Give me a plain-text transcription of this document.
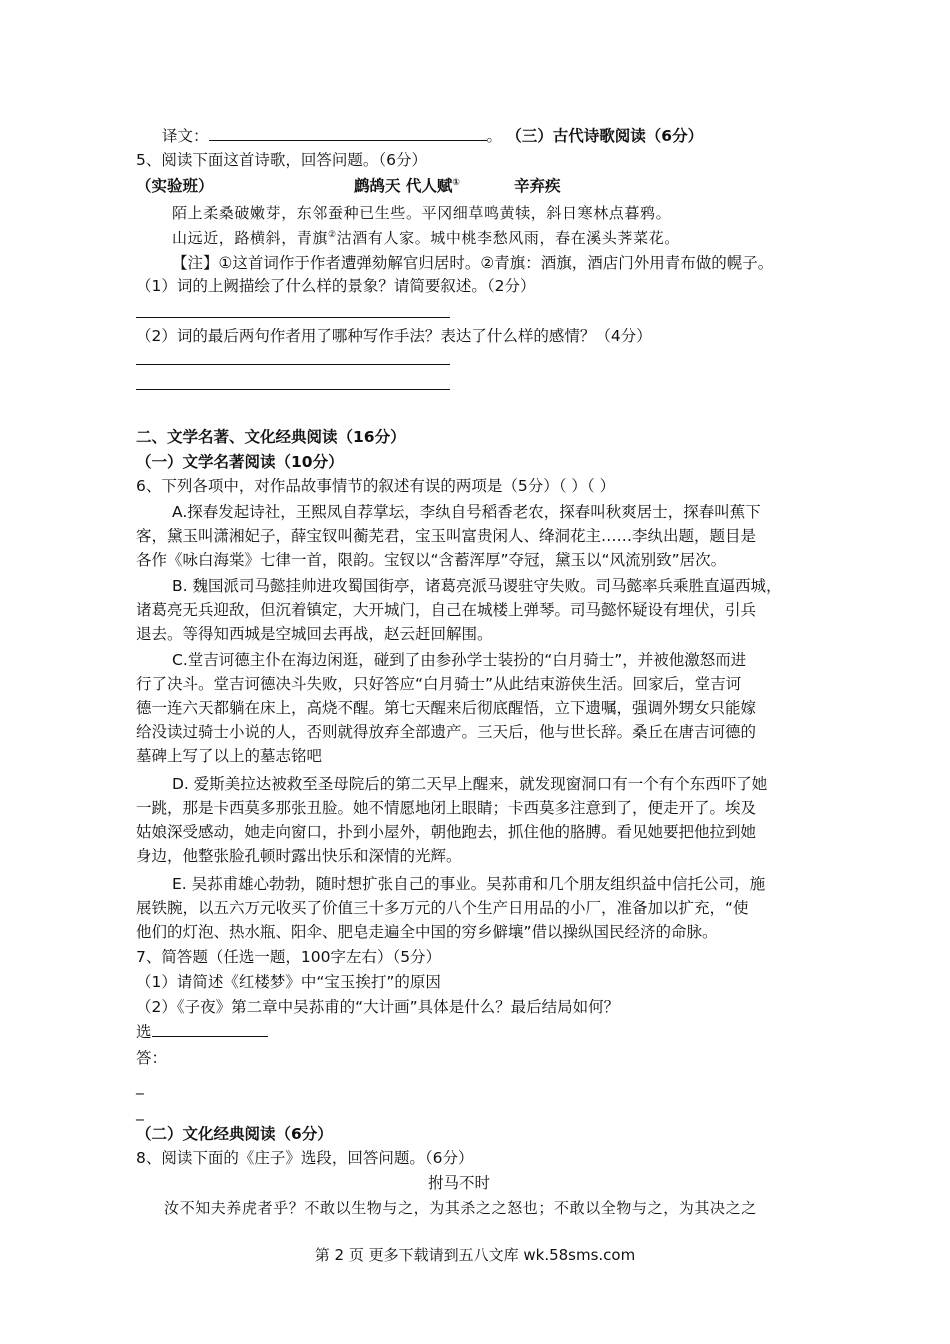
译文：	。 （三）古代诗歌阅读（6分）
5、阅读下面这首诗歌，回答问题。（6分）
（实验班）	鹧鸪天 代人赋①	辛弃疾
陌上柔桑破嫩芽，东邻蚕种已生些。平冈细草鸣黄犊，斜日寒林点暮鸦。
山远近，路横斜，青旗②沽酒有人家。城中桃李愁风雨，春在溪头荠菜花。
【注】①这首词作于作者遭弹劾解官归居时。②青旗：酒旗，酒店门外用青布做的幌子。
（1）词的上阙描绘了什么样的景象？请简要叙述。（2分）
（2）词的最后两句作者用了哪种写作手法？表达了什么样的感情？（4分）
二、文学名著、文化经典阅读（16分）
（一）文学名著阅读（10分）
6、下列各项中，对作品故事情节的叙述有误的两项是（5分）（ ）（ ）
A.探春发起诗社，王熙凤自荐掌坛，李纨自号稻香老农，探春叫秋爽居士，探春叫蕉下
客，黛玉叫潇湘妃子，薛宝钗叫蘅芜君，宝玉叫富贵闲人、绛洞花主……李纨出题，题目是
各作《咏白海棠》七律一首，限韵。宝钗以“含蓄浑厚”夺冠，黛玉以“风流别致”居次。
B. 魏国派司马懿挂帅进攻蜀国街亭，诸葛亮派马谡驻守失败。司马懿率兵乘胜直逼西城，
诸葛亮无兵迎敌，但沉着镇定，大开城门，自己在城楼上弹琴。司马懿怀疑设有埋伏，引兵
退去。等得知西城是空城回去再战，赵云赶回解围。
C.堂吉诃德主仆在海边闲逛，碰到了由参孙学士装扮的“白月骑士”，并被他激怒而进
行了决斗。堂吉诃德决斗失败，只好答应“白月骑士”从此结束游侠生活。回家后，堂吉诃
德一连六天都躺在床上，高烧不醒。第七天醒来后彻底醒悟，立下遗嘱，强调外甥女只能嫁
给没读过骑士小说的人，否则就得放弃全部遗产。三天后，他与世长辞。桑丘在唐吉诃德的
墓碑上写了以上的墓志铭吧
D. 爱斯美拉达被救至圣母院后的第二天早上醒来，就发现窗洞口有一个有个东西吓了她
一跳，那是卡西莫多那张丑脸。她不情愿地闭上眼睛；卡西莫多注意到了，便走开了。埃及
姑娘深受感动，她走向窗口，扑到小屋外，朝他跑去，抓住他的胳膊。看见她要把他拉到她
身边，他整张脸孔顿时露出快乐和深情的光辉。
E. 吴荪甫雄心勃勃，随时想扩张自己的事业。吴荪甫和几个朋友组织益中信托公司，施
展铁腕，以五六万元收买了价值三十多万元的八个生产日用品的小厂，准备加以扩充，“使
他们的灯泡、热水瓶、阳伞、肥皂走遍全中国的穷乡僻壤”借以操纵国民经济的命脉。
7、简答题（任选一题，100字左右）（5分）
（1）请简述《红楼梦》中“宝玉挨打”的原因
（2）《子夜》第二章中吴荪甫的“大计画”具体是什么？最后结局如何？
选
答：
_
_
（二）文化经典阅读（6分）
8、阅读下面的《庄子》选段，回答问题。（6分）
拊马不时
汝不知夫养虎者乎？不敢以生物与之，为其杀之之怒也；不敢以全物与之，为其决之之
第 2 页 更多下载请到五八文库 wk.58sms.com
